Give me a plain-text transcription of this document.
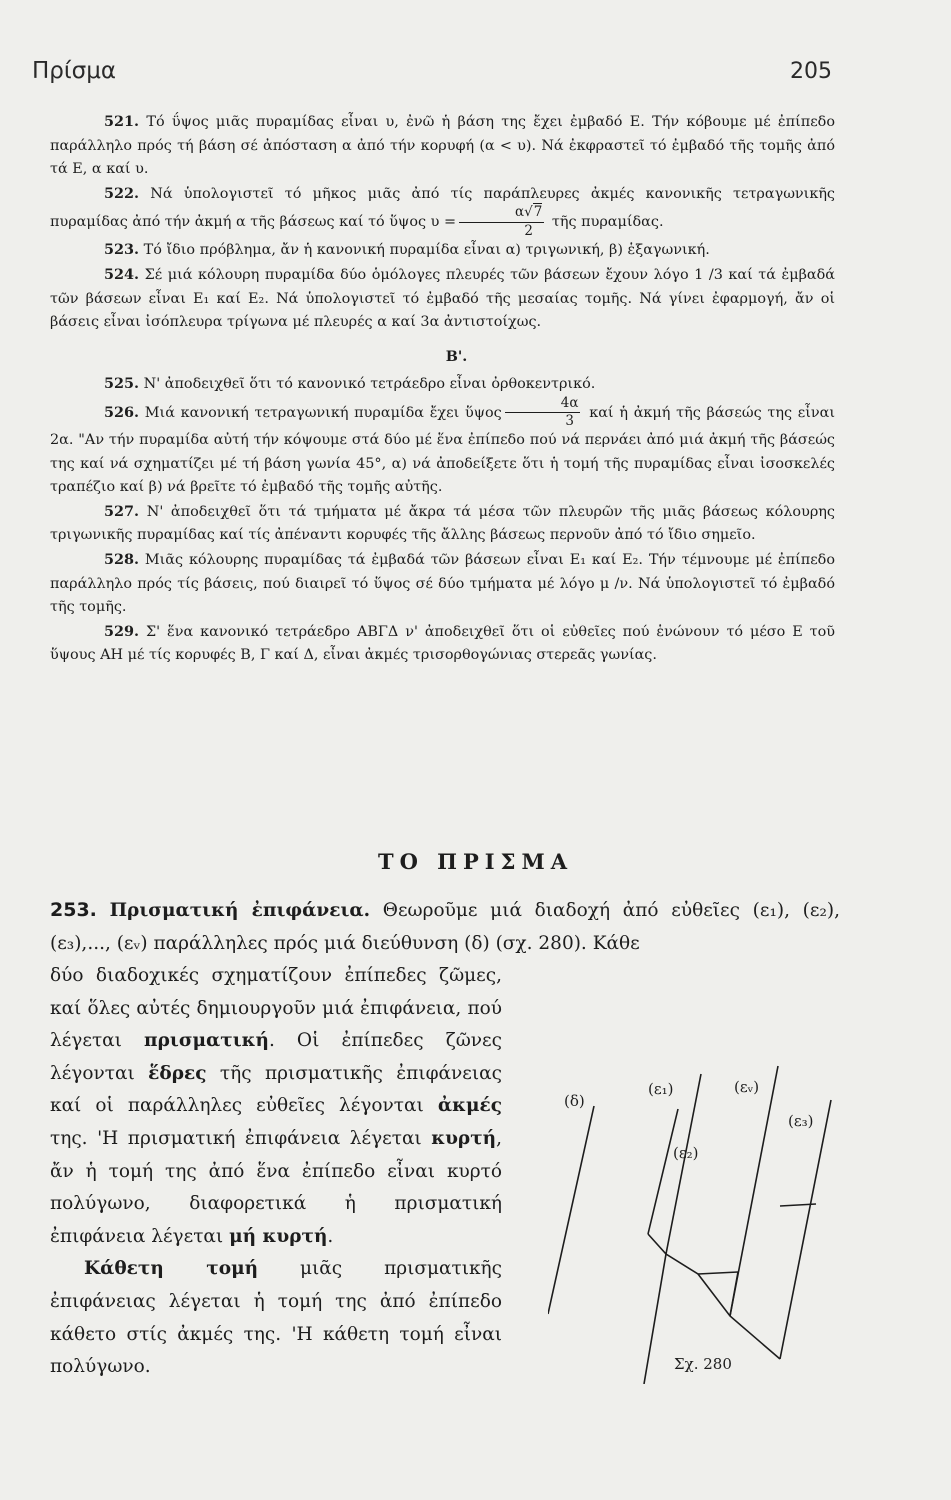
Πρίσμα	205

521. Τό ΰψος μιᾶς πυραμίδας εἶναι υ, ἐνῶ ἡ βάση της ἔχει ἐμβαδό E. Τήν κόβουμε μέ ἐπίπεδο παράλληλο πρός τή βάση σέ ἀπόσταση α ἀπό τήν κορυφή (α < υ). Νά ἐκφραστεῖ τό ἐμβαδό τῆς τομῆς ἀπό τά E, α καί υ.

522. Νά ὑπολογιστεῖ τό μῆκος μιᾶς ἀπό τίς παράπλευρες ἀκμές κανονικῆς τετραγωνικῆς πυραμίδας ἀπό τήν ἀκμή α τῆς βάσεως καί τό ὕψος $\upsilon = \frac{\alpha√7}{2}$ τῆς πυραμίδας.

523. Τό ἴδιο πρόβλημα, ἄν ἡ κανονική πυραμίδα εἶναι α) τριγωνική, β) ἑξαγωνική.

524. Σέ μιά κόλουρη πυραμίδα δύο ὁμόλογες πλευρές τῶν βάσεων ἔχουν λόγο 1 /3 καί τά ἐμβαδά τῶν βάσεων εἶναι E₁ καί E₂. Νά ὑπολογιστεῖ τό ἐμβαδό τῆς μεσαίας τομῆς. Νά γίνει ἐφαρμογή, ἄν οἱ βάσεις εἶναι ἰσόπλευρα τρίγωνα μέ πλευρές α καί 3α ἀντιστοίχως.

B'.

525. N' ἀποδειχθεῖ ὅτι τό κανονικό τετράεδρο εἶναι ὀρθοκεντρικό.

526. Μιά κανονική τετραγωνική πυραμίδα ἔχει ὕψος $\frac{4\alpha}{3}$ καί ἡ ἀκμή τῆς βάσεώς της εἶναι 2α. "Αν τήν πυραμίδα αὐτή τήν κόψουμε στά δύο μέ ἕνα ἐπίπεδο πού νά περνάει ἀπό μιά ἀκμή τῆς βάσεώς της καί νά σχηματίζει μέ τή βάση γωνία 45°, α) νά ἀποδείξετε ὅτι ἡ τομή τῆς πυραμίδας εἶναι ἰσοσκελές τραπέζιο καί β) νά βρεῖτε τό ἐμβαδό τῆς τομῆς αὐτῆς.

527. N' ἀποδειχθεῖ ὅτι τά τμήματα μέ ἄκρα τά μέσα τῶν πλευρῶν τῆς μιᾶς βάσεως κόλουρης τριγωνικῆς πυραμίδας καί τίς ἀπέναντι κορυφές τῆς ἄλλης βάσεως περνοῦν ἀπό τό ἴδιο σημεῖο.

528. Μιᾶς κόλουρης πυραμίδας τά ἐμβαδά τῶν βάσεων εἶναι E₁ καί E₂. Τήν τέμνουμε μέ ἐπίπεδο παράλληλο πρός τίς βάσεις, πού διαιρεῖ τό ὕψος σέ δύο τμήματα μέ λόγο μ /ν. Νά ὑπολογιστεῖ τό ἐμβαδό τῆς τομῆς.

529. Σ' ἕνα κανονικό τετράεδρο ΑΒΓΔ ν' ἀποδειχθεῖ ὅτι οἱ εὐθεῖες πού ἑνώνουν τό μέσο E τοῦ ὕψους AH μέ τίς κορυφές B, Γ καί Δ, εἶναι ἀκμές τρισορθογώνιας στερεᾶς γωνίας.

ΤΟ ΠΡΙΣΜΑ

253. Πρισματική ἐπιφάνεια. Θεωροῦμε μιά διαδοχή ἀπό εὐθεῖες (ε₁), (ε₂), (ε₃),..., (εᵥ) παράλληλες πρός μιά διεύθυνση (δ) (σχ. 280). Κάθε

δύο διαδοχικές σχηματίζουν ἐπίπεδες ζῶμες, καί ὅλες αὐτές δημιουργοῦν μιά ἐπιφάνεια, πού λέγεται πρισματική. Οἱ ἐπίπεδες ζῶνες λέγονται ἕδρες τῆς πρισματικῆς ἐπιφάνειας καί οἱ παράλληλες εὐθεῖες λέγονται ἀκμές της. 'Η πρισματική ἐπιφάνεια λέγεται κυρτή, ἄν ἡ τομή της ἀπό ἕνα ἐπίπεδο εἶναι κυρτό πολύγωνο, διαφορετικά ἡ πρισματική ἐπιφάνεια λέγεται μή κυρτή.

Κάθετη τομή μιᾶς πρισματικῆς ἐπιφάνειας λέγεται ἡ τομή της ἀπό ἐπίπεδο κάθετο στίς ἀκμές της. 'Η κάθετη τομή εἶναι πολύγωνο.

(δ)
(ε₁)	(εᵥ)
(ε₃)
(ε₂)
Σχ. 280
